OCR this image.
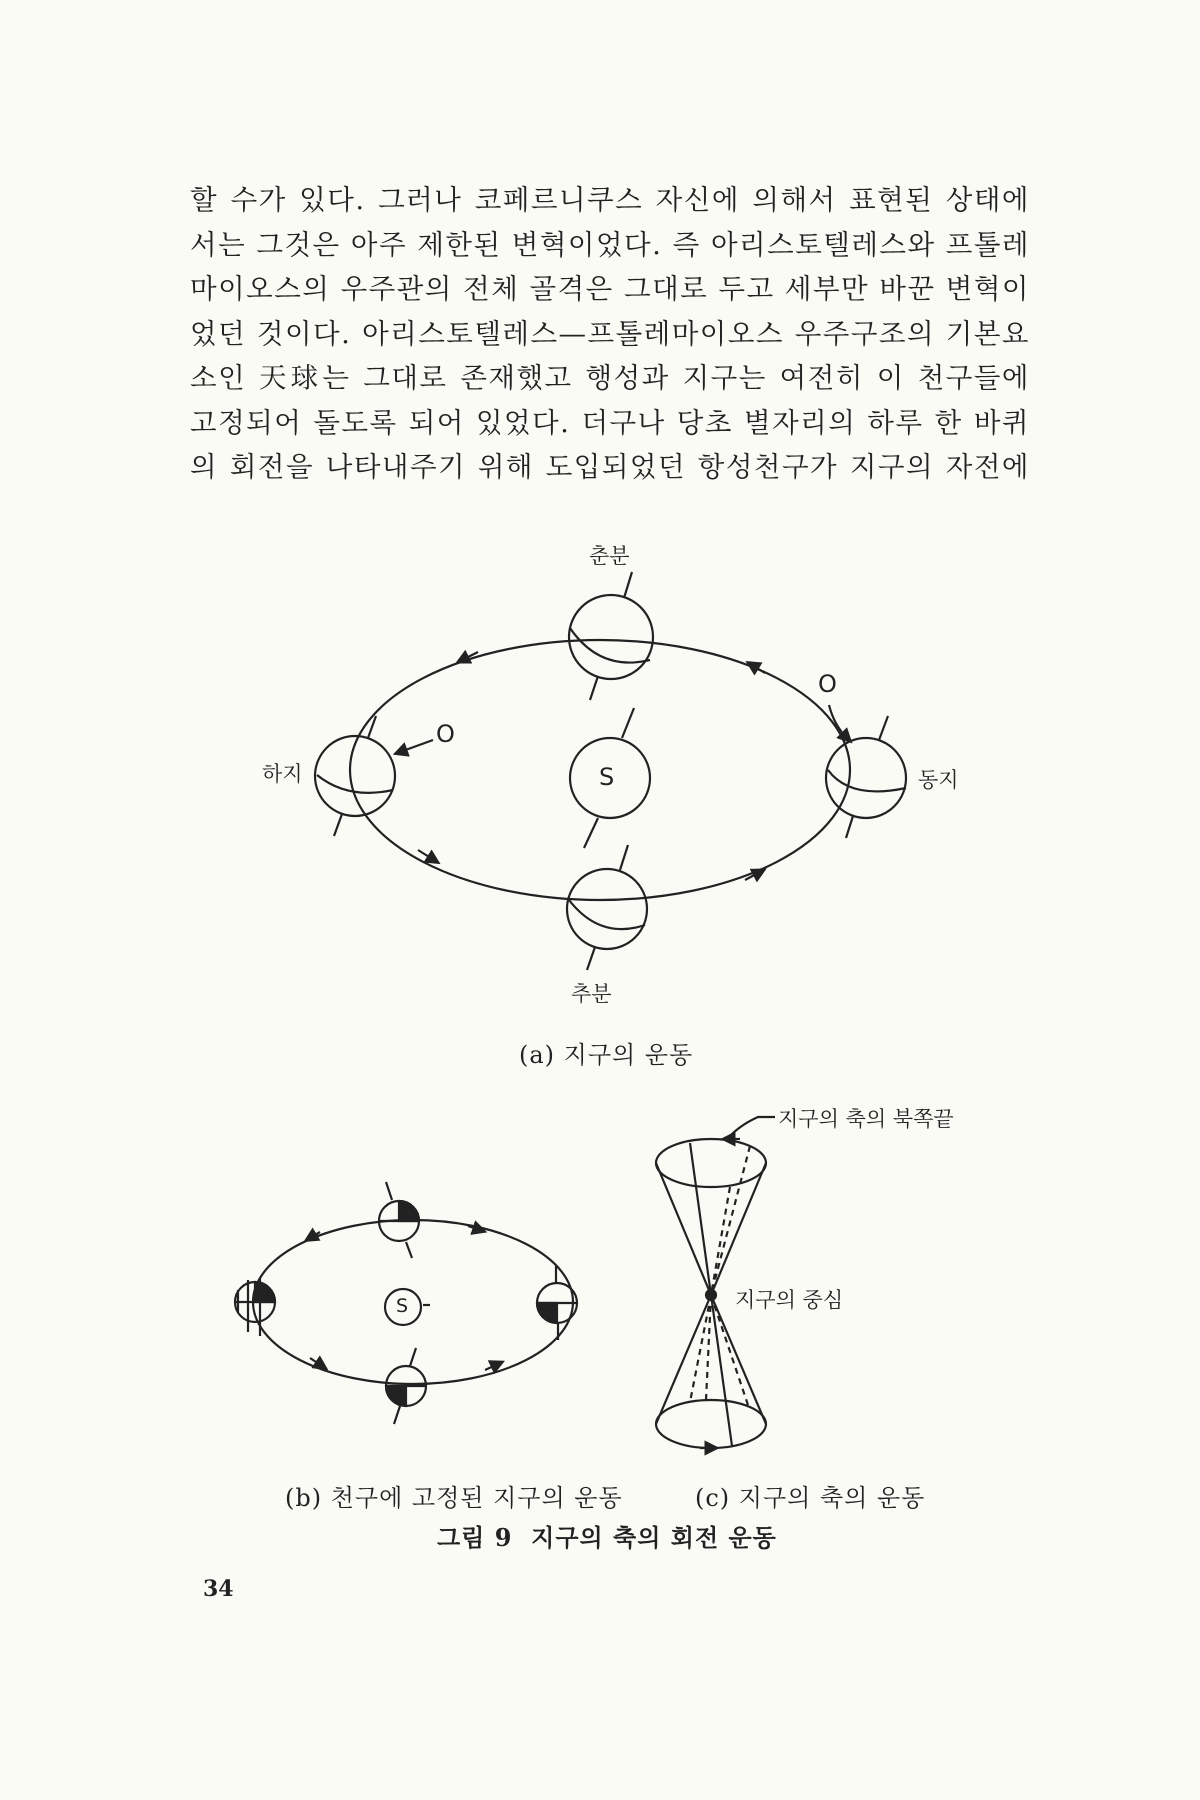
할 수가 있다. 그러나 코페르니쿠스 자신에 의해서 표현된 상태에
서는 그것은 아주 제한된 변혁이었다. 즉 아리스토텔레스와 프톨레
마이오스의 우주관의 전체 골격은 그대로 두고 세부만 바꾼 변혁이
었던 것이다. 아리스토텔레스—프톨레마이오스 우주구조의 기본요
소인 天球는 그대로 존재했고 행성과 지구는 여전히 이 천구들에
고정되어 돌도록 되어 있었다. 더구나 당초 별자리의 하루 한 바퀴
의 회전을 나타내주기 위해 도입되었던 항성천구가 지구의 자전에
춘분
하지	동지
추분
S
O
O
(a) 지구의 운동
S
(b) 천구에 고정된 지구의 운동
지구의 축의 북쪽끝
지구의 중심
(c) 지구의 축의 운동
그림 9  지구의 축의 회전 운동
34
